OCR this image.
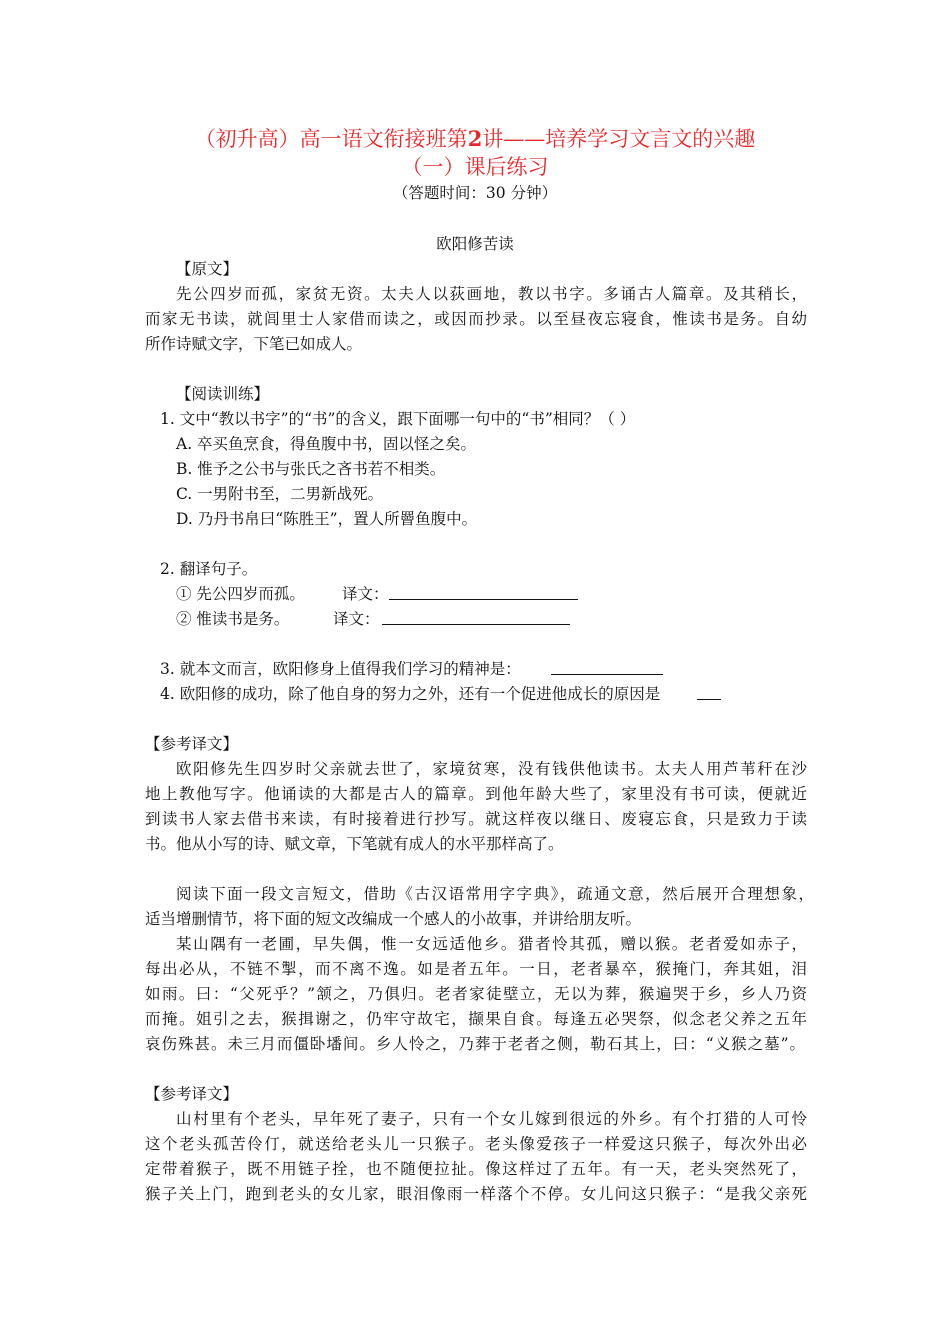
（初升高）高一语文衔接班第2讲——培养学习文言文的兴趣
（一）课后练习
（答题时间：30 分钟）
欧阳修苦读
【原文】
先公四岁而孤，家贫无资。太夫人以荻画地，教以书字。多诵古人篇章。及其稍长，
而家无书读，就闾里士人家借而读之，或因而抄录。以至昼夜忘寝食，惟读书是务。自幼
所作诗赋文字，下笔已如成人。
【阅读训练】
1. 文中“教以书字”的“书”的含义，跟下面哪一句中的“书”相同？（ ）
A. 卒买鱼烹食，得鱼腹中书，固以怪之矣。
B. 惟予之公书与张氏之吝书若不相类。
C. 一男附书至，二男新战死。
D. 乃丹书帛曰“陈胜王”，置人所罾鱼腹中。
2. 翻译句子。
① 先公四岁而孤。 译文：
② 惟读书是务。	译文：
3. 就本文而言，欧阳修身上值得我们学习的精神是：
4. 欧阳修的成功，除了他自身的努力之外，还有一个促进他成长的原因是
【参考译文】
欧阳修先生四岁时父亲就去世了，家境贫寒，没有钱供他读书。太夫人用芦苇秆在沙
地上教他写字。他诵读的大都是古人的篇章。到他年龄大些了，家里没有书可读，便就近
到读书人家去借书来读，有时接着进行抄写。就这样夜以继日、废寝忘食，只是致力于读
书。他从小写的诗、赋文章，下笔就有成人的水平那样高了。
阅读下面一段文言短文，借助《古汉语常用字字典》，疏通文意，然后展开合理想象，
适当增删情节，将下面的短文改编成一个感人的小故事，并讲给朋友听。
某山隅有一老圃，早失偶，惟一女远适他乡。猎者怜其孤，赠以猴。老者爱如赤子，
每出必从，不链不掣，而不离不逸。如是者五年。一日，老者暴卒，猴掩门，奔其姐，泪
如雨。曰：“父死乎？”颔之，乃俱归。老者家徒壁立，无以为葬，猴遍哭于乡，乡人乃资
而掩。姐引之去，猴揖谢之，仍牢守故宅，撷果自食。每逢五必哭祭，似念老父养之五年
哀伤殊甚。未三月而僵卧墦间。乡人怜之，乃葬于老者之侧，勒石其上，曰：“义猴之墓”。
【参考译文】
山村里有个老头，早年死了妻子，只有一个女儿嫁到很远的外乡。有个打猎的人可怜
这个老头孤苦伶仃，就送给老头儿一只猴子。老头像爱孩子一样爱这只猴子，每次外出必
定带着猴子，既不用链子拴，也不随便拉扯。像这样过了五年。有一天，老头突然死了，
猴子关上门，跑到老头的女儿家，眼泪像雨一样落个不停。女儿问这只猴子：“是我父亲死
